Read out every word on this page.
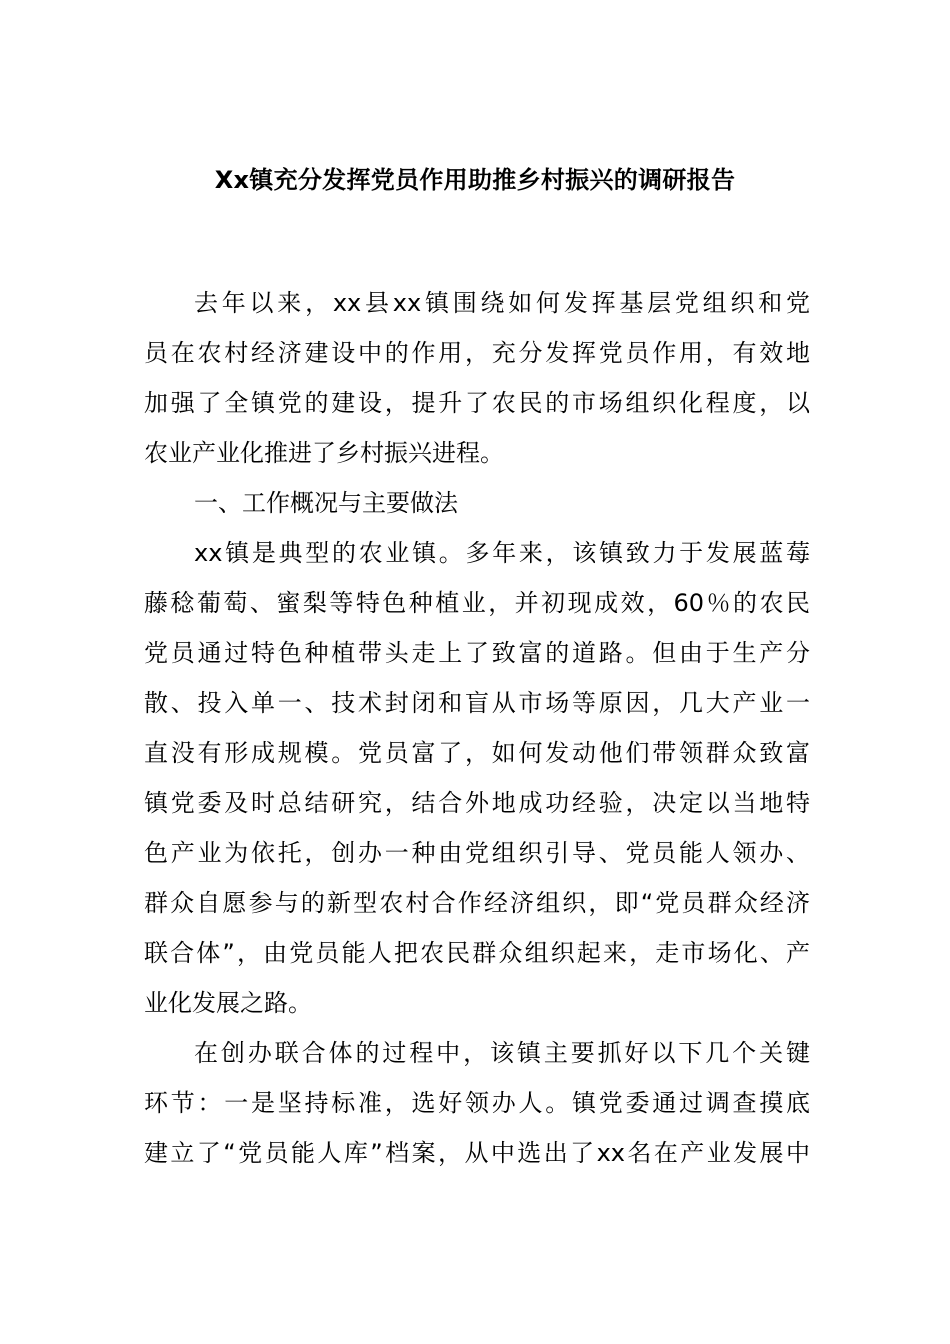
Xx镇充分发挥党员作用助推乡村振兴的调研报告
去年以来，xx县xx镇围绕如何发挥基层党组织和党
员在农村经济建设中的作用，充分发挥党员作用，有效地
加强了全镇党的建设，提升了农民的市场组织化程度，以
农业产业化推进了乡村振兴进程。
一、工作概况与主要做法
xx镇是典型的农业镇。多年来，该镇致力于发展蓝莓
藤稔葡萄、蜜梨等特色种植业，并初现成效，60％的农民
党员通过特色种植带头走上了致富的道路。但由于生产分
散、投入单一、技术封闭和盲从市场等原因，几大产业一
直没有形成规模。党员富了，如何发动他们带领群众致富
镇党委及时总结研究，结合外地成功经验，决定以当地特
色产业为依托，创办一种由党组织引导、党员能人领办、
群众自愿参与的新型农村合作经济组织，即“党员群众经济
联合体”，由党员能人把农民群众组织起来，走市场化、产
业化发展之路。
在创办联合体的过程中，该镇主要抓好以下几个关键
环节：一是坚持标准，选好领办人。镇党委通过调查摸底
建立了“党员能人库”档案，从中选出了xx名在产业发展中
